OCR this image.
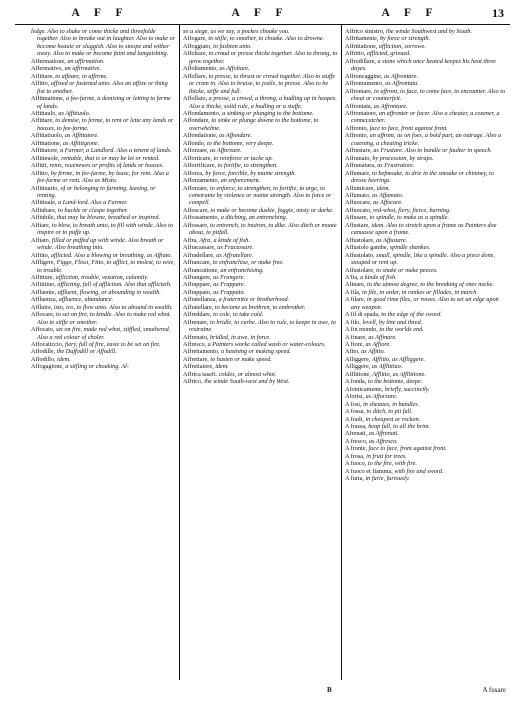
A F F	A F F	A F F	13

ledge. Also to shake or come thicke and threefolde together. Also to breake out in laughter. Also to make or become heauie or sluggish. Also to stoope and wither away. Also to make or become faint and languishing.

Affermatione, an affirmation.

Affermativo, an affirmative.

Affittare, to affeare, to affirme.

Affitto, affixed or fastened unto. Also an affixe or thing fixt to another.

Affitmatione, a fee-farme, a demising or letting to ferme of lands.

Affittaulo, as Affittuolo.

Affittare, to demise, to ferme, to rent or lette any lands or houses, to fee-farme.

Affittatiuolo, as Affittatore.

Affittatione, as Affittigione.

Affittatore, a Farmer, a Landlord. Also a tenent of lands.

Affitteuole, rentable, that is or may be let or rented.

Affitti, rents, reuenewes or profits of lands or houses.

Affitto, by ferme, in fee-farme, by lease, for rent. Also a fee-farme or rent. Also as Misto.

Affittuario, of or belonging to farming, leasing, or renting.

Affittuale, a Land-lord. Also a Farmer.

Affiubare, to buckle or claspe together.

Affiubile, that may be blowne, breathed or inspired.

Affiare, to blow, to breath unto, to fill with winde. Also to inspire or to puffe up.

Affiato, filled or puffed up with winde. Also breath or winde. Also breathing into.

Affiito, afflicted. Also a blowing or breathing, as Affiato.

Affligere, Figgo, Flissi, Fitto, to afflict, to molest, to vexe, to trouble.

Affitture, affliction, trouble, vexation, calamity.

Affiittiuo, afflicting, full of affliction. Also that afflicteth.

Affluente, affluent, flowing, or abounding in wealth.

Affluenza, affluence, abundance.

Affluire, isto, ico, to flow unto. Also to abound in wealth.

Affocare, to set on fire, to kindle. Also to make red whot. Also to stiffe or smother.

Affocato, set on fire, made red whot, stiffled, smothered. Also a red colour of choler.

Affocaticcio, fiery, full of fire, easie to be set on fire.

Affodille, the Daffodill or Affodill.

Affodillo, idem.

Affogagione, a stifling or choaking. Al-

so a siege, as we say, a pockes choake you.

Affogare, to stifle, to smother, to choake. Also to drowne.

Affoggiato, to fashion unto.

Affoltare, to croud or presse thicke together. Also to throng, to grow together.

Affoltamento, as Affoltare.

Affollare, to presse, to thrust or crowd together. Also to stuffe or cram in. Also to bruise, to jostle, to presse. Also to be thicke, stiffe and full.

Affollato, a presse, a crowd, a throng, a hudling up in heapes. Also a thicke, solid rule, a hudling or a stuffe.

Affondamento, a sinking or plunging to the bottome.

Affondare, to sinke or plunge downe to the bottome, to overwhelme.

Affondatione, as Affondare.

Affondo, to the bottome, very deepe.

Afforzare, as Afforzare.

Afforticare, to reinforce or tucke up.

Afforrificare, to fortifie, to strengthen.

Afforza, by force, forcible, by maine strength.

Afforzamento, an enforcement.

Afforzare, to enforce, to strengthen, to fortifie, to urge, to constraine by violence or maine strength. Also to force or compell.

Affoscare, to make or become duskie, foggie, misty or darke.

Affossamento, a ditching, an entrenching.

Affossare, to entrench, to inuiron, to dike. Also ditch or moate about, to pitfall.

Affra, Afra, a kinde of fish.

Affracassare, as Fracassare.

Affradellare, as Affratellare.

Affrancare, to enfranchise, or make free.

Affrancatione, an enfranchising.

Affrangere, as Frangere.

Affrappare, as Frappare.

Affrappato, as Frappato.

Affratellanza, a fraternitie or brotherhood.

Affratellare, to become as brethren, to embrother.

Affreddare, to cole, to take cold.

Affrenare, to bridle, to curbe. Also to rule, to keepe in awe, to restraine.

Affrenato, bridled, in awe, in force.

Affresco, a Painters worke called wash or water-colours.

Affrettamento, a hastning or making speed.

Affrettare, to hasten or make speed.

Affrettatore, idem.

Affrica taseft. coldes, or almost whot.

Affrico, the winde South-west and by West.

Affrico sinistro, the winde Southwest and by South.

Affritamente, by force or strength.

Affrittatione, affliction, sorrowe.

Affritto, afflicted, grieued.

Affrodillare, a stone which once heated keepes his heat three dayes.

Affroncaggine, as Affrontare.

Affronramento, as Affrontata.

Affrontare, to affront, to face, to come face, to encounter. Also to cheat or counterfeit.

Affrontata, as Affrontare.

Affrontatore, an affronter or facer. Also a cheater, a cozener, a connecatcher.

Affronto, face to face, front against front.

Affronto, an affront, as on foes, a bold part, an outrage. Also a cozening, a cheating tricke.

Affrustare, as Frustare. Also to bundle or faulter in speech.

Affrunato, by procession, by straps.

Affrunatura, as Frustratore.

Affumare, to befmoake, to drie in the smoake or chimney, to dresse heerings.

Affumicare, idem.

Affumato, as Affumato.

Affuocare, as Affocare.

Affuocato, red-whot, fiery, fierce, burning.

Affusare, to spindle, to make as a spindle.

Affustare, idem. Also to stretch upon a frame as Painters doe canuasse upon a frame.

Affustolare, as Affustare.

Affustolo gambe, spindle shankes.

Affustolato, small, spindle, like a spindle. Also a piece done, stouped or rent up.

Affustolare, to snake or make peeces.

A'fia, a kinde of fish.

Afinare, to the utmost degree, to the breaking of ones necke.

A fila, in file, in order, in rankes or fillades, in march.

A filare, in good rime files, or rowes. Also to set an edge upon any weapon.

A fil di spada, to the edge of the sword.

A filo, levell, by line and thred.

A fin mondo, to the worlds end.

A finare, as Affinare.

A fiore, as Affiore.

Afito, as Affitto.

Afliggere, Afflitto, as Affliggere.

Afliggere, as Afflittiuo.

Afflitione, Afflitto, as Afflittione.

A fonda, to the bottome, deepe.

Afonticamente, briefly, succinctly.

Aforisi, as Afforzare.

A fosi, in sheaues, in bundles.

A fossa, to ditch, to pit fall.

A fradi, in cheapest or reckon.

A frassa, heap full, to all the brim.

Afrenati, as Affrenati.

A fresco, as Affresco.

A fronte, face to face, front against front.

A frosa, in fruit for trees.

A fuoco, to the fire, with fire.

A fuoco et fiamma, with fire and sword.

A furia, in furie, furiously.

B	A fusare
